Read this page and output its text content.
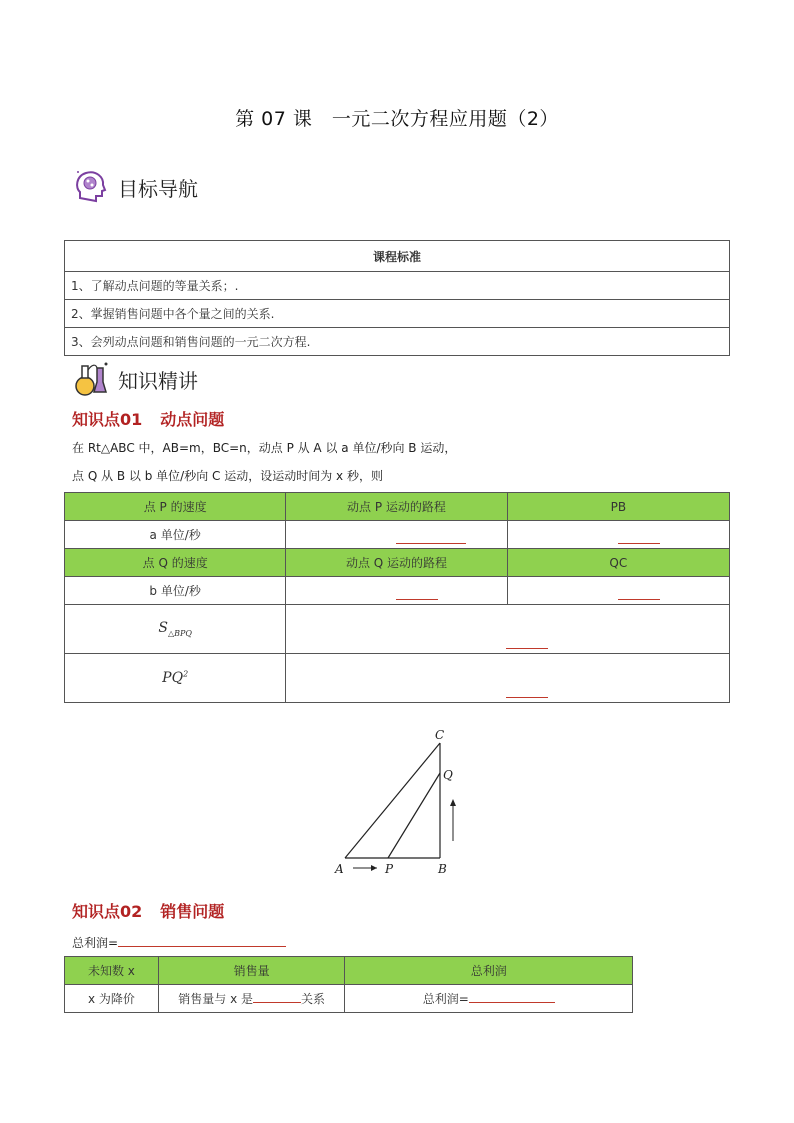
第 07 课　一元二次方程应用题（2）
目标导航
课程标准
1、了解动点问题的等量关系；.
2、掌握销售问题中各个量之间的关系.
3、会列动点问题和销售问题的一元二次方程.
知识精讲
知识点01 动点问题
在 Rt△ABC 中，AB=m，BC=n，动点 P 从 A 以 a 单位/秒向 B 运动，
点 Q 从 B 以 b 单位/秒向 C 运动，设运动时间为 x 秒，则
点 P 的速度	动点 P 运动的路程	PB
a 单位/秒	

点 Q 的速度	动点 Q 运动的路程	QC
b 单位/秒	

$S_{\triangle BPQ}$	

$PQ^2$	
C
Q
A	P	B
知识点02 销售问题
总利润=
未知数 x	销售量	总利润
x 为降价	销售量与 x 是 关系	总利润=
